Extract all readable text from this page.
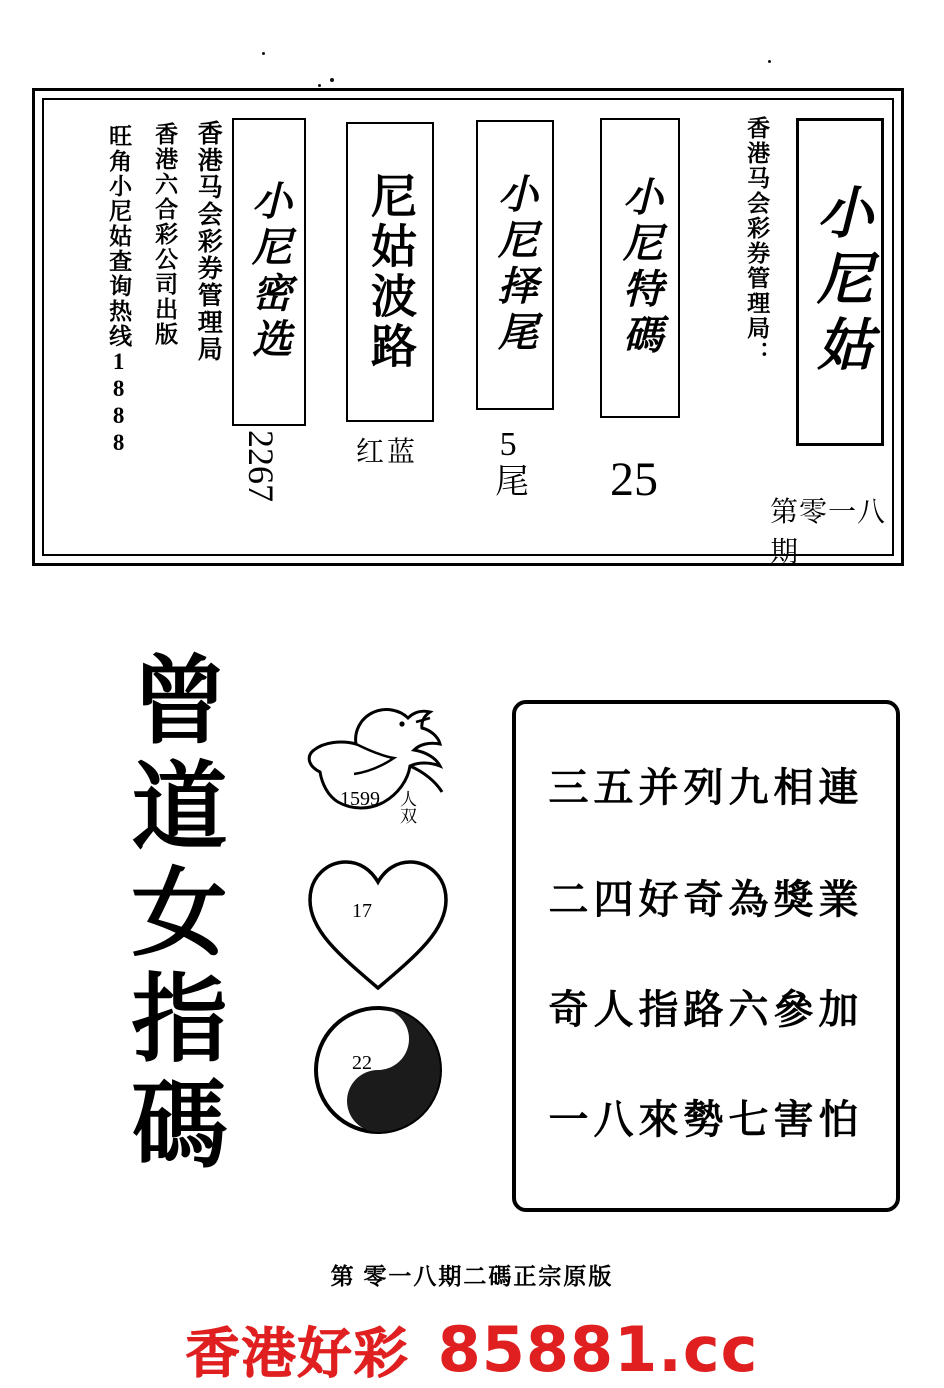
香港马会彩券管理局
香港六合彩公司出版
旺角小尼姑查询热线1888	小尼密选
2267
尼姑波路
红蓝
小尼择尾
5尾
小尼特碼
25
香港马会彩券管理局： 小尼姑
第零一八期
曾道女指碼	1599 人双
17
22
三五并列九相連
二四好奇為獎業
奇人指路六參加
一八來勢七害怕
第 零一八期二碼正宗原版
香港好彩 85881.cc
